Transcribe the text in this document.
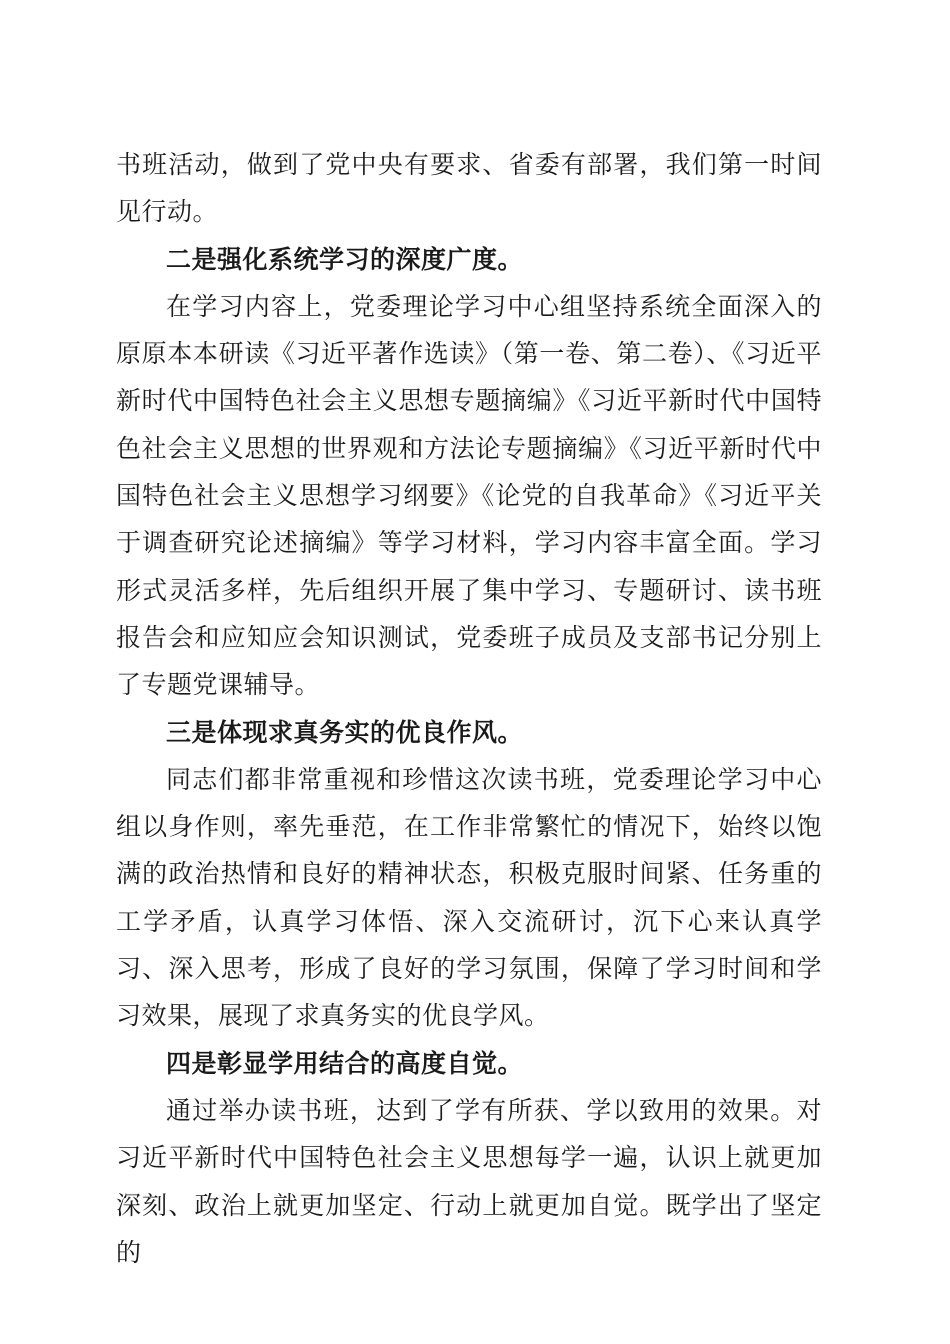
书班活动，做到了党中央有要求、省委有部署，我们第一时间见行动。

二是强化系统学习的深度广度。

在学习内容上，党委理论学习中心组坚持系统全面深入的原原本本研读《习近平著作选读》（第一卷、第二卷）、《习近平新时代中国特色社会主义思想专题摘编》《习近平新时代中国特色社会主义思想的世界观和方法论专题摘编》《习近平新时代中国特色社会主义思想学习纲要》《论党的自我革命》《习近平关于调查研究论述摘编》等学习材料，学习内容丰富全面。学习形式灵活多样，先后组织开展了集中学习、专题研讨、读书班报告会和应知应会知识测试，党委班子成员及支部书记分别上了专题党课辅导。

三是体现求真务实的优良作风。

同志们都非常重视和珍惜这次读书班，党委理论学习中心组以身作则，率先垂范，在工作非常繁忙的情况下，始终以饱满的政治热情和良好的精神状态，积极克服时间紧、任务重的工学矛盾，认真学习体悟、深入交流研讨，沉下心来认真学习、深入思考，形成了良好的学习氛围，保障了学习时间和学习效果，展现了求真务实的优良学风。

四是彰显学用结合的高度自觉。

通过举办读书班，达到了学有所获、学以致用的效果。对习近平新时代中国特色社会主义思想每学一遍，认识上就更加深刻、政治上就更加坚定、行动上就更加自觉。既学出了坚定的
